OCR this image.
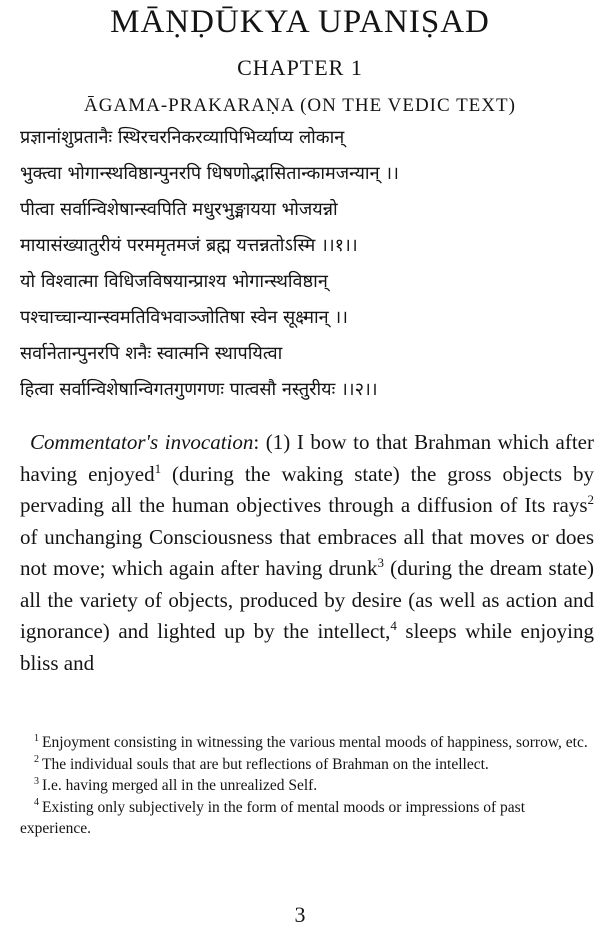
MĀṆḌŪKYA UPANIṢAD
CHAPTER 1
ĀGAMA-PRAKARAṆA (ON THE VEDIC TEXT)
प्रज्ञानांशुप्रतानैः स्थिरचरनिकरव्यापिभिर्व्याप्य लोकान्
भुक्त्वा भोगान्स्थविष्ठान्पुनरपि धिषणोद्भासितान्कामजन्यान् ।।
पीत्वा सर्वान्विशेषान्स्वपिति मधुरभुङ्मायया भोजयन्नो
मायासंख्यातुरीयं परममृतमजं ब्रह्म यत्तन्नतोऽस्मि ।।१।।
यो विश्वात्मा विधिजविषयान्प्राश्य भोगान्स्थविष्ठान्
पश्चाच्चान्यान्स्वमतिविभवाञ्जोतिषा स्वेन सूक्ष्मान् ।।
सर्वानेतान्पुनरपि शनैः स्वात्मनि स्थापयित्वा
हित्वा सर्वान्विशेषान्विगतगुणगणः पात्वसौ नस्तुरीयः ।।२।।
Commentator's invocation: (1) I bow to that Brahman which after having enjoyed$^1$ (during the waking state) the gross objects by pervading all the human objectives through a diffusion of Its rays$^2$ of unchanging Consciousness that embraces all that moves or does not move; which again after having drunk$^3$ (during the dream state) all the variety of objects, produced by desire (as well as action and ignorance) and lighted up by the intellect,$^4$ sleeps while enjoying bliss and
$^1$ Enjoyment consisting in witnessing the various mental moods of happiness, sorrow, etc.
$^2$ The individual souls that are but reflections of Brahman on the intellect.
$^3$ I.e. having merged all in the unrealized Self.
$^4$ Existing only subjectively in the form of mental moods or impressions of past experience.
3
